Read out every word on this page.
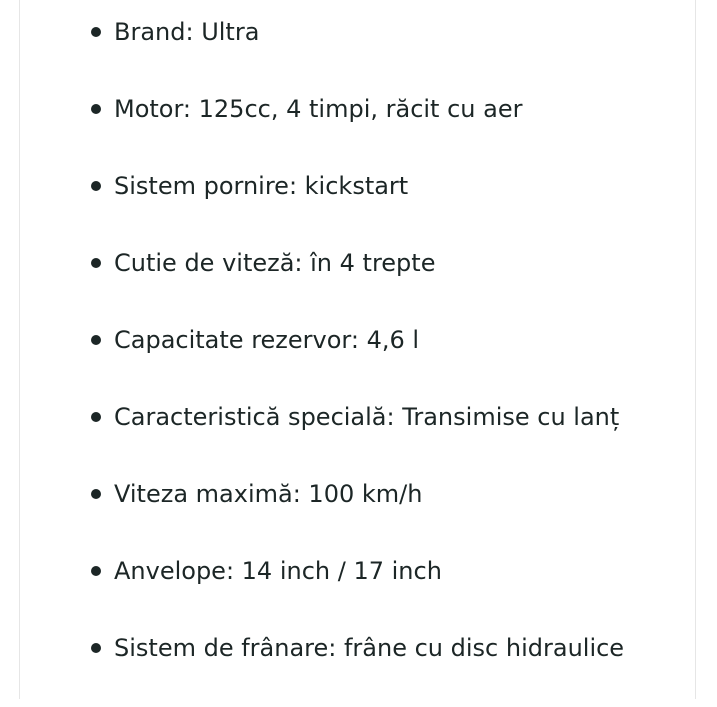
Brand: Ultra
Motor: 125cc, 4 timpi, răcit cu aer
Sistem pornire: kickstart
Cutie de viteză: în 4 trepte
Capacitate rezervor: 4,6 l
Caracteristică specială: Transimise cu lanț
Viteza maximă: 100 km/h
Anvelope: 14 inch / 17 inch
Sistem de frânare: frâne cu disc hidraulice
